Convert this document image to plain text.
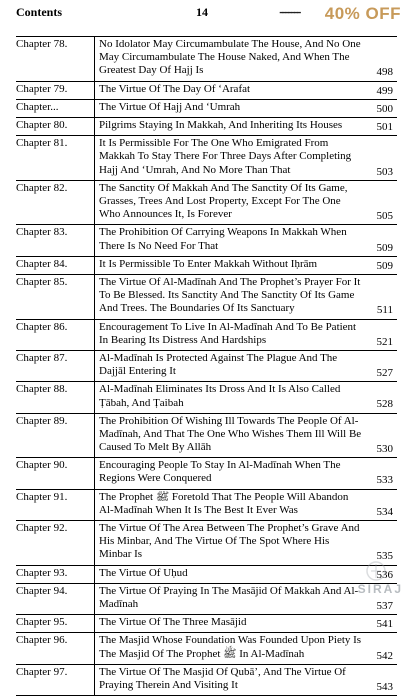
Contents	14	ـــــــ 40% OFF
Chapter 78.	No Idolator May Circumambulate The House, And No One May Circumambulate The House Naked, And When The Greatest Day Of Hajj Is	498
Chapter 79.	The Virtue Of The Day Of ‘Arafat	499
Chapter...	The Virtue Of Hajj And ‘Umrah	500
Chapter 80.	Pilgrims Staying In Makkah, And Inheriting Its Houses	501
Chapter 81.	It Is Permissible For The One Who Emigrated From Makkah To Stay There For Three Days After Completing Hajj And ‘Umrah, And No More Than That	503
Chapter 82.	The Sanctity Of Makkah And The Sanctity Of Its Game, Grasses, Trees And Lost Property, Except For The One Who Announces It, Is Forever	505
Chapter 83.	The Prohibition Of Carrying Weapons In Makkah When There Is No Need For That	509
Chapter 84.	It Is Permissible To Enter Makkah Without Iḥrām	509
Chapter 85.	The Virtue Of Al-Madīnah And The Prophet’s Prayer For It To Be Blessed. Its Sanctity And The Sanctity Of Its Game And Trees. The Boundaries Of Its Sanctuary	511
Chapter 86.	Encouragement To Live In Al-Madīnah And To Be Patient In Bearing Its Distress And Hardships	521
Chapter 87.	Al-Madīnah Is Protected Against The Plague And The Dajjāl Entering It	527
Chapter 88.	Al-Madīnah Eliminates Its Dross And It Is Also Called Ṭābah, And Ṭaibah	528
Chapter 89.	The Prohibition Of Wishing Ill Towards The People Of Al-Madīnah, And That The One Who Wishes Them Ill Will Be Caused To Melt By Allāh	530
Chapter 90.	Encouraging People To Stay In Al-Madīnah When The Regions Were Conquered	533
Chapter 91.	The Prophet ﷺ Foretold That The People Will Abandon Al-Madīnah When It Is The Best It Ever Was	534
Chapter 92.	The Virtue Of The Area Between The Prophet’s Grave And His Minbar, And The Virtue Of The Spot Where His Minbar Is	535
Chapter 93.	The Virtue Of Uḥud	536
Chapter 94.	The Virtue Of Praying In The Masājid Of Makkah And Al-Madīnah	537
Chapter 95.	The Virtue Of The Three Masājid	541
Chapter 96.	The Masjid Whose Foundation Was Founded Upon Piety Is The Masjid Of The Prophet ﷺ In Al-Madīnah	542
Chapter 97.	The Virtue Of The Masjid Of Qubā’, And The Virtue Of Praying Therein And Visiting It	543
SIRAJ
